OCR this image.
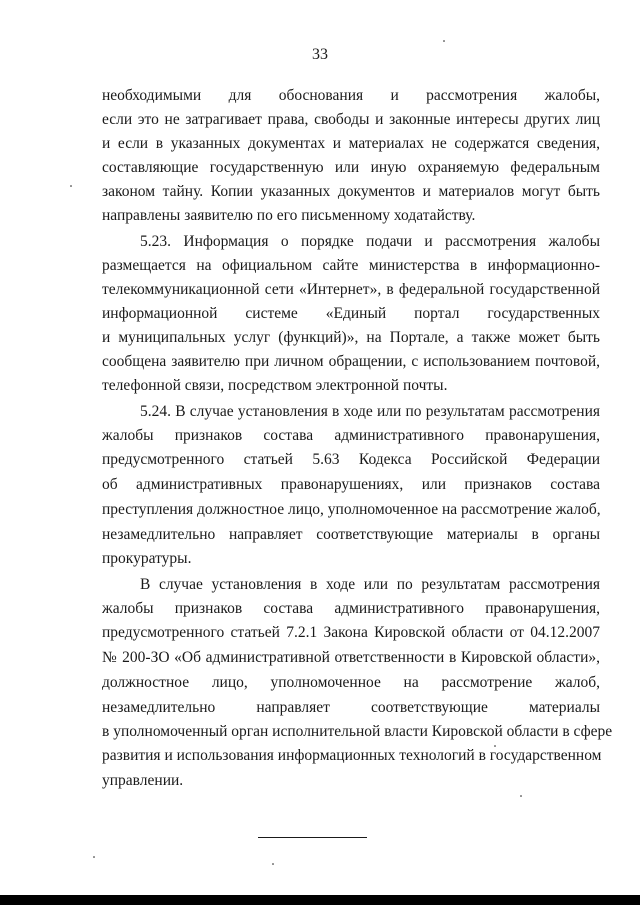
33
необходимыми для обоснования и рассмотрения жалобы,
если это не затрагивает права, свободы и законные интересы других лиц
и если в указанных документах и материалах не содержатся сведения,
составляющие государственную или иную охраняемую федеральным
законом тайну. Копии указанных документов и материалов могут быть
направлены заявителю по его письменному ходатайству.
5.23. Информация о порядке подачи и рассмотрения жалобы
размещается на официальном сайте министерства в информационно-
телекоммуникационной сети «Интернет», в федеральной государственной
информационной системе «Единый портал государственных
и муниципальных услуг (функций)», на Портале, а также может быть
сообщена заявителю при личном обращении, с использованием почтовой,
телефонной связи, посредством электронной почты.
5.24. В случае установления в ходе или по результатам рассмотрения
жалобы признаков состава административного правонарушения,
предусмотренного статьей 5.63 Кодекса Российской Федерации
об административных правонарушениях, или признаков состава
преступления должностное лицо, уполномоченное на рассмотрение жалоб,
незамедлительно направляет соответствующие материалы в органы
прокуратуры.
В случае установления в ходе или по результатам рассмотрения
жалобы признаков состава административного правонарушения,
предусмотренного статьей 7.2.1 Закона Кировской области от 04.12.2007
№ 200-ЗО «Об административной ответственности в Кировской области»,
должностное лицо, уполномоченное на рассмотрение жалоб,
незамедлительно направляет соответствующие материалы
в уполномоченный орган исполнительной власти Кировской области в сфере
развития и использования информационных технологий в государственном
управлении.
